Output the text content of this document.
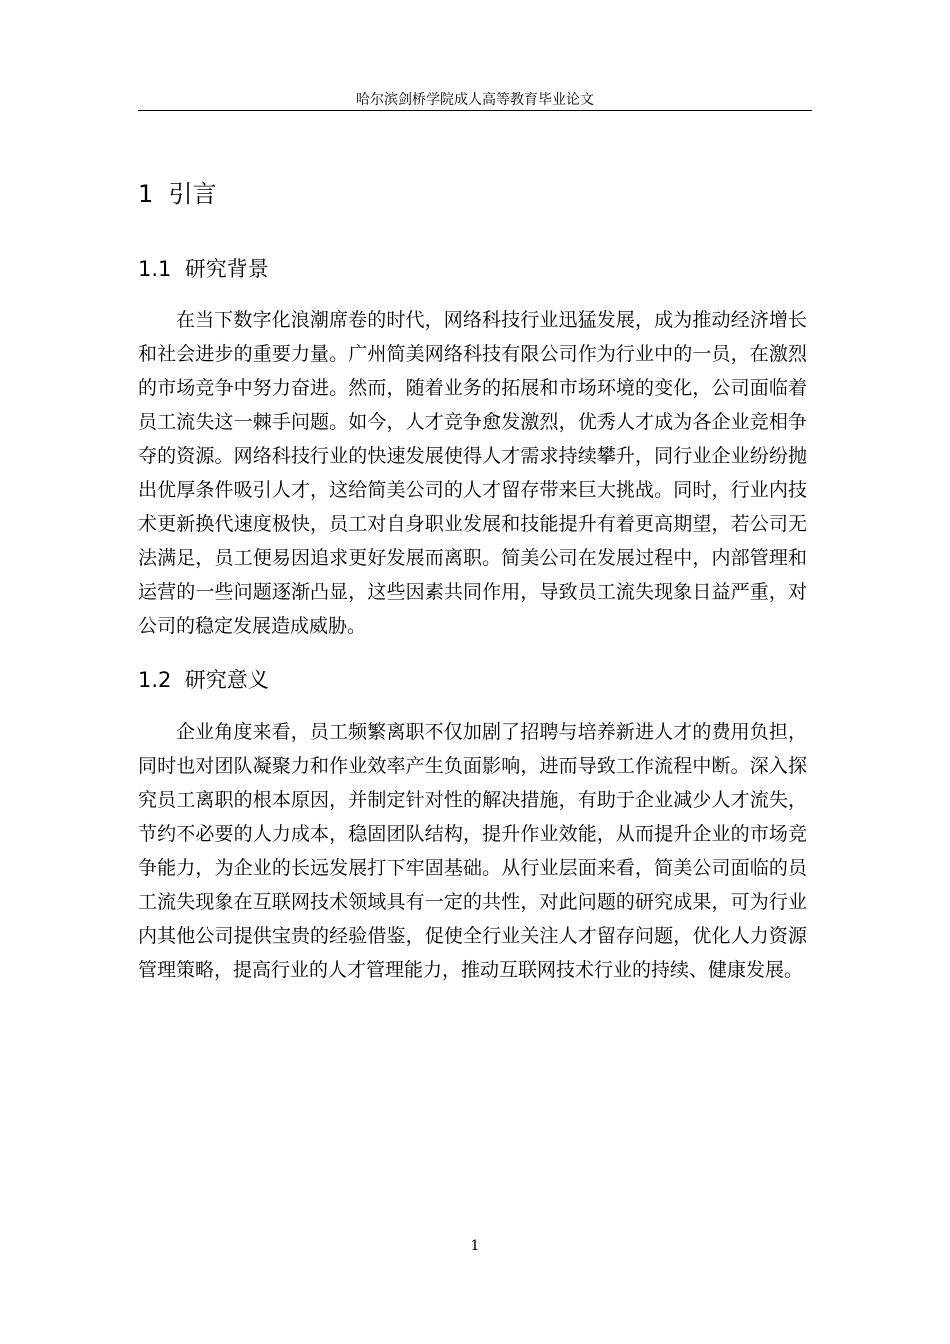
哈尔滨剑桥学院成人高等教育毕业论文
1 引言
1.1 研究背景
在当下数字化浪潮席卷的时代，网络科技行业迅猛发展，成为推动经济增长
和社会进步的重要力量。广州简美网络科技有限公司作为行业中的一员，在激烈
的市场竞争中努力奋进。然而，随着业务的拓展和市场环境的变化，公司面临着
员工流失这一棘手问题。如今，人才竞争愈发激烈，优秀人才成为各企业竞相争
夺的资源。网络科技行业的快速发展使得人才需求持续攀升，同行业企业纷纷抛
出优厚条件吸引人才，这给简美公司的人才留存带来巨大挑战。同时，行业内技
术更新换代速度极快，员工对自身职业发展和技能提升有着更高期望，若公司无
法满足，员工便易因追求更好发展而离职。简美公司在发展过程中，内部管理和
运营的一些问题逐渐凸显，这些因素共同作用，导致员工流失现象日益严重，对
公司的稳定发展造成威胁。
1.2 研究意义
企业角度来看，员工频繁离职不仅加剧了招聘与培养新进人才的费用负担，
同时也对团队凝聚力和作业效率产生负面影响，进而导致工作流程中断。深入探
究员工离职的根本原因，并制定针对性的解决措施，有助于企业减少人才流失，
节约不必要的人力成本，稳固团队结构，提升作业效能，从而提升企业的市场竞
争能力，为企业的长远发展打下牢固基础。从行业层面来看，简美公司面临的员
工流失现象在互联网技术领域具有一定的共性，对此问题的研究成果，可为行业
内其他公司提供宝贵的经验借鉴，促使全行业关注人才留存问题，优化人力资源
管理策略，提高行业的人才管理能力，推动互联网技术行业的持续、健康发展。
1
